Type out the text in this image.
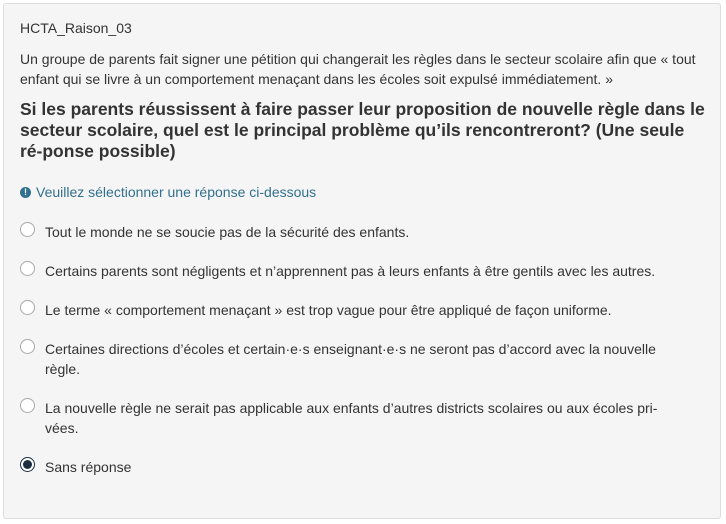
HCTA_Raison_03
Un groupe de parents fait signer une pétition qui changerait les règles dans le secteur scolaire afin que « tout enfant qui se livre à un comportement menaçant dans les écoles soit expulsé immédiatement. »
Si les parents réussissent à faire passer leur proposition de nouvelle règle dans le secteur scolaire, quel est le principal problème qu’ils rencontreront? (Une seule ré-ponse possible)
! Veuillez sélectionner une réponse ci-dessous
Tout le monde ne se soucie pas de la sécurité des enfants.
Certains parents sont négligents et n’apprennent pas à leurs enfants à être gentils avec les autres.
Le terme « comportement menaçant » est trop vague pour être appliqué de façon uniforme.
Certaines directions d’écoles et certain·e·s enseignant·e·s ne seront pas d’accord avec la nouvelle règle.
La nouvelle règle ne serait pas applicable aux enfants d’autres districts scolaires ou aux écoles pri-vées.
Sans réponse
